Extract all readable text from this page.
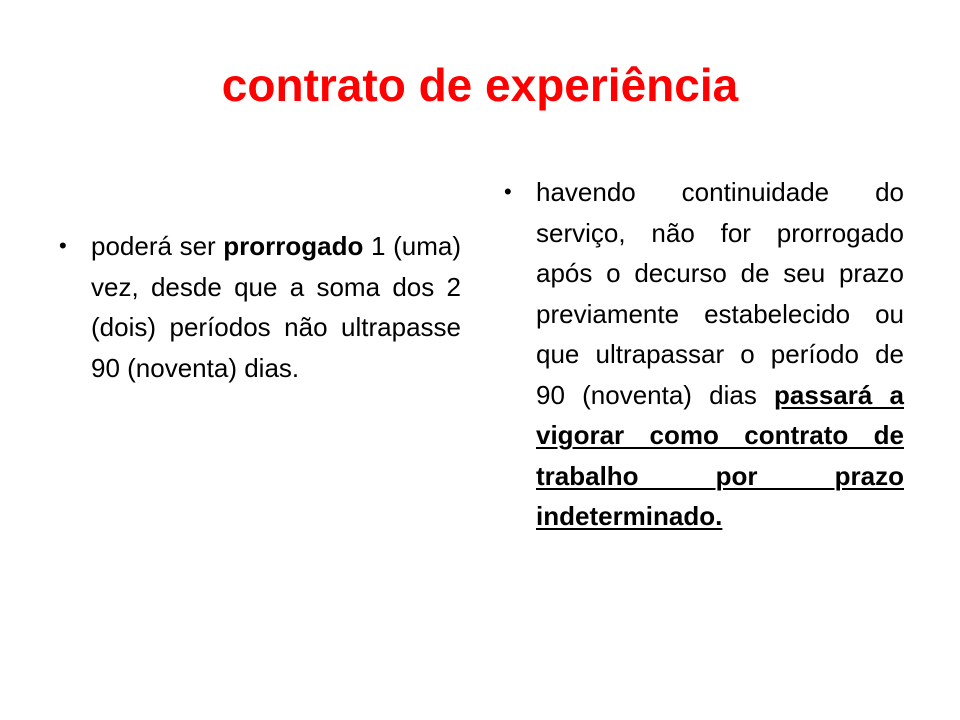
contrato de experiência
• poderá ser prorrogado 1 (uma) vez, desde que a soma dos 2 (dois) períodos não ultrapasse 90 (noventa) dias.

• havendo continuidade do serviço, não for prorrogado após o decurso de seu prazo previamente estabelecido ou que ultrapassar o período de 90 (noventa) dias passará a vigorar como contrato de trabalho por prazo indeterminado.
